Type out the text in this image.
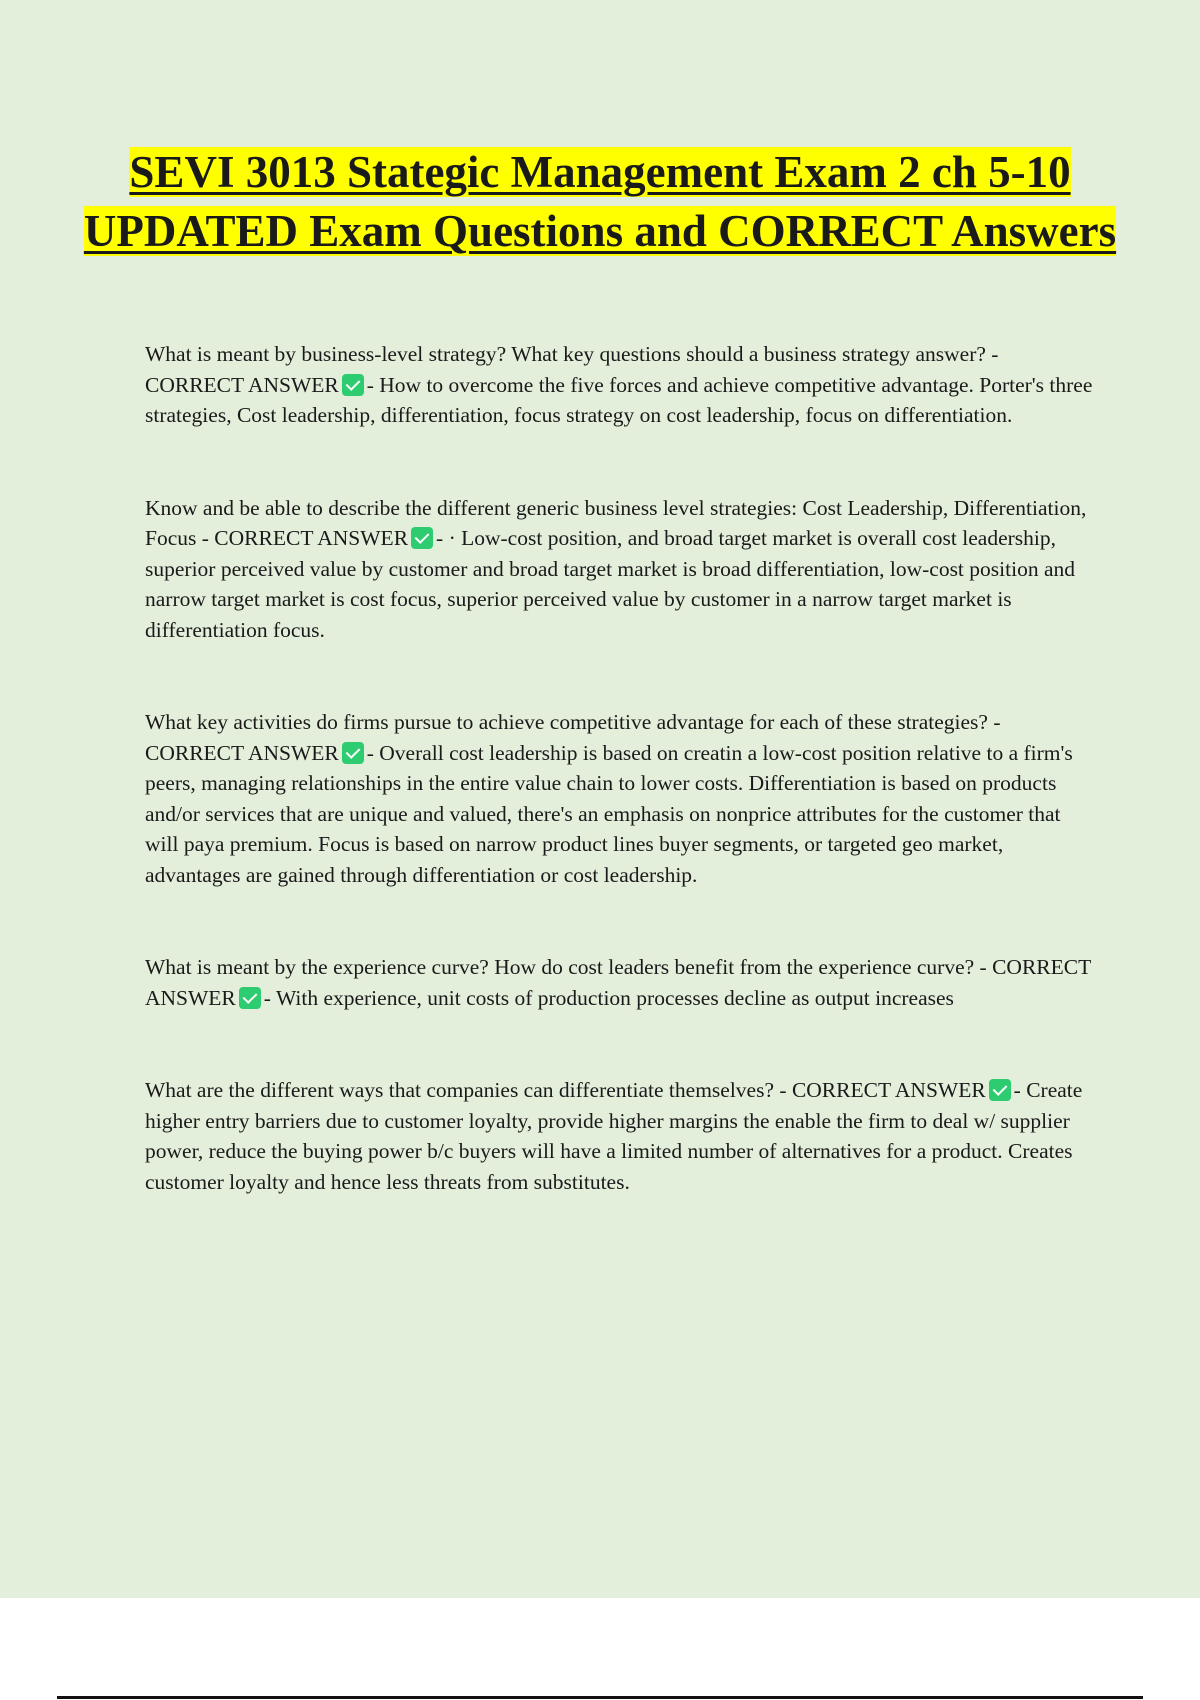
SEVI 3013 Stategic Management Exam 2 ch 5-10 UPDATED Exam Questions and CORRECT Answers

What is meant by business-level strategy? What key questions should a business strategy answer? - CORRECT ANSWER - How to overcome the five forces and achieve competitive advantage. Porter's three strategies, Cost leadership, differentiation, focus strategy on cost leadership, focus on differentiation.

Know and be able to describe the different generic business level strategies: Cost Leadership, Differentiation, Focus - CORRECT ANSWER - · Low-cost position, and broad target market is overall cost leadership, superior perceived value by customer and broad target market is broad differentiation, low-cost position and narrow target market is cost focus, superior perceived value by customer in a narrow target market is differentiation focus.

What key activities do firms pursue to achieve competitive advantage for each of these strategies? - CORRECT ANSWER - Overall cost leadership is based on creatin a low-cost position relative to a firm's peers, managing relationships in the entire value chain to lower costs. Differentiation is based on products and/or services that are unique and valued, there's an emphasis on nonprice attributes for the customer that will paya premium. Focus is based on narrow product lines buyer segments, or targeted geo market, advantages are gained through differentiation or cost leadership.

What is meant by the experience curve? How do cost leaders benefit from the experience curve? - CORRECT ANSWER - With experience, unit costs of production processes decline as output increases

What are the different ways that companies can differentiate themselves? - CORRECT ANSWER - Create higher entry barriers due to customer loyalty, provide higher margins the enable the firm to deal w/ supplier power, reduce the buying power b/c buyers will have a limited number of alternatives for a product. Creates customer loyalty and hence less threats from substitutes.
